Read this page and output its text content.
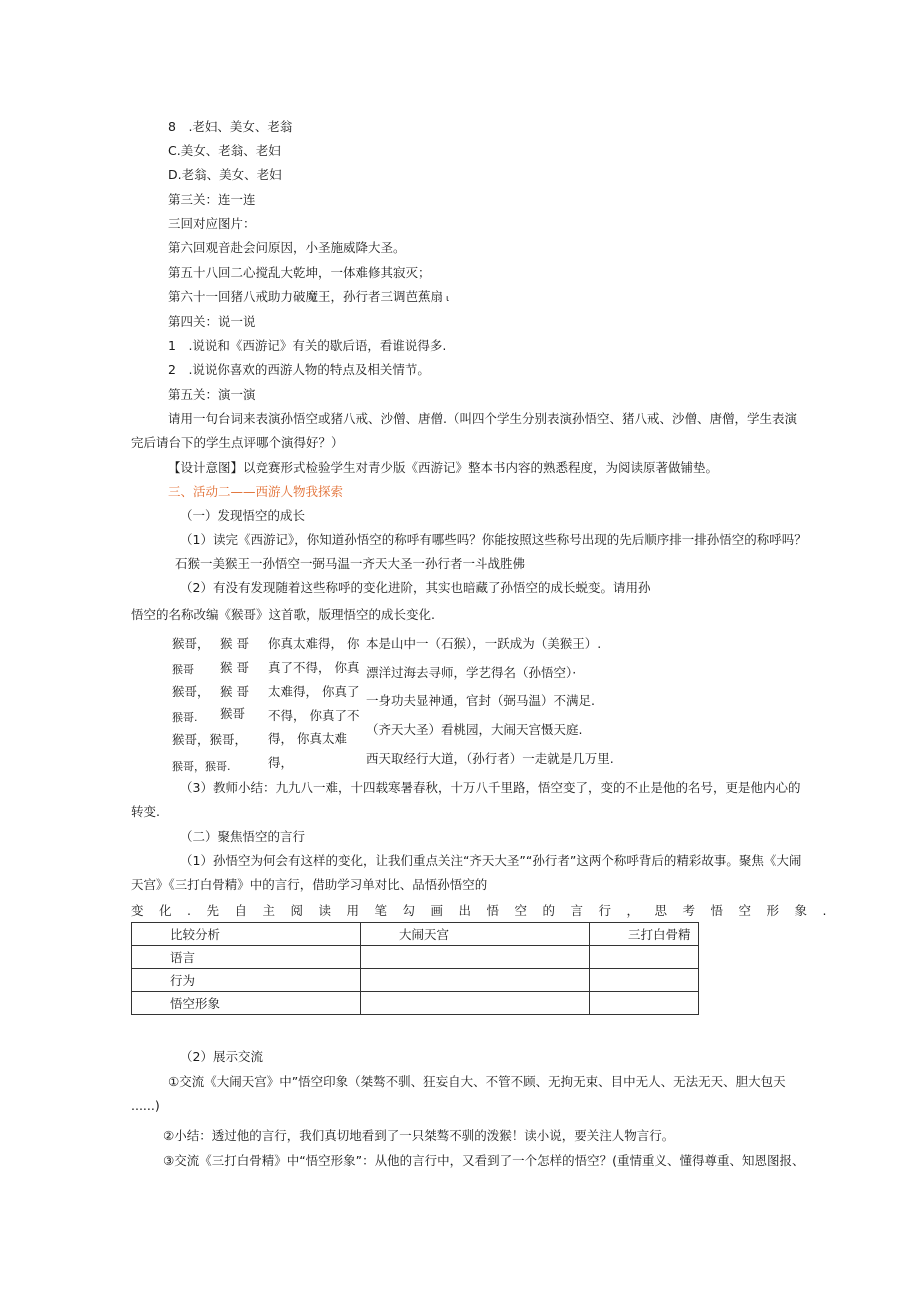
8　.老妇、美女、老翁
C.美女、老翁、老妇
D.老翁、美女、老妇
第三关：连一连
三回对应图片：
第六回观音赴会问原因，小圣施威降大圣。
第五十八回二心搅乱大乾坤，一体难修其寂灭；
第六十一回猪八戒助力破魔王，孙行者三调芭蕉扇 ι
第四关：说一说
1　.说说和《西游记》有关的歇后语，看谁说得多.
2　.说说你喜欢的西游人物的特点及相关情节。
第五关：演一演
请用一句台词来表演孙悟空或猪八戒、沙僧、唐僧.（叫四个学生分别表演孙悟空、猪八戒、沙僧、唐僧，学生表演
完后请台下的学生点评哪个演得好？）
【设计意图】以竞赛形式检验学生对青少版《西游记》整本书内容的熟悉程度，为阅读原著做铺垫。
三、活动二——西游人物我探索
（一）发现悟空的成长
（1）读完《西游记》，你知道孙悟空的称呼有哪些吗？你能按照这些称号出现的先后顺序排一排孙悟空的称呼吗？
石猴一美猴王一孙悟空一弼马温一齐天大圣一孙行者一斗战胜佛
（2）有没有发现随着这些称呼的变化进阶，其实也暗藏了孙悟空的成长蜕变。请用孙
悟空的名称改编《猴哥》这首歌，版理悟空的成长变化.
猴哥，
猴哥
猴哥，
猴哥.
猴哥，猴哥，
猴哥，猴哥.
猴 哥
猴 哥
猴 哥
猴哥
你真太难得， 你
真了不得， 你真
太难得， 你真了
不得， 你真了不
得， 你真太难
得，
本是山中一（石猴），一跃成为（美猴王）.
漂洋过海去寻师，学艺得名（孙悟空）·
一身功夫显神通，官封（弼马温）不满足.
（齐天大圣）看桃园，大闹天宫慑天庭.
西天取经行大道，（孙行者）一走就是几万里.
（3）教师小结：九九八一难，十四载寒暑春秋，十万八千里路，悟空变了，变的不止是他的名号，更是他内心的
转变.
（二）聚焦悟空的言行
（1）孙悟空为何会有这样的变化，让我们重点关注“齐天大圣”“孙行者”这两个称呼背后的精彩故事。聚焦《大闹
天宫》《三打白骨精》中的言行，借助学习单对比、品悟孙悟空的
变化.先自主阅读用笔勾画出悟空的言行，思考悟空形象.
比较分析	大闹天宫	三打白骨精
语言		
行为		
悟空形象		
（2）展示交流
①交流《大闹天宫》中”悟空印象（桀骜不驯、狂妄自大、不管不顾、无拘无束、目中无人、无法无天、胆大包天
......)
②小结：透过他的言行，我们真切地看到了一只桀骜不驯的泼猴！读小说，要关注人物言行。
③交流《三打白骨精》中“悟空形象”：从他的言行中，又看到了一个怎样的悟空？(重情重义、懂得尊重、知恩图报、
